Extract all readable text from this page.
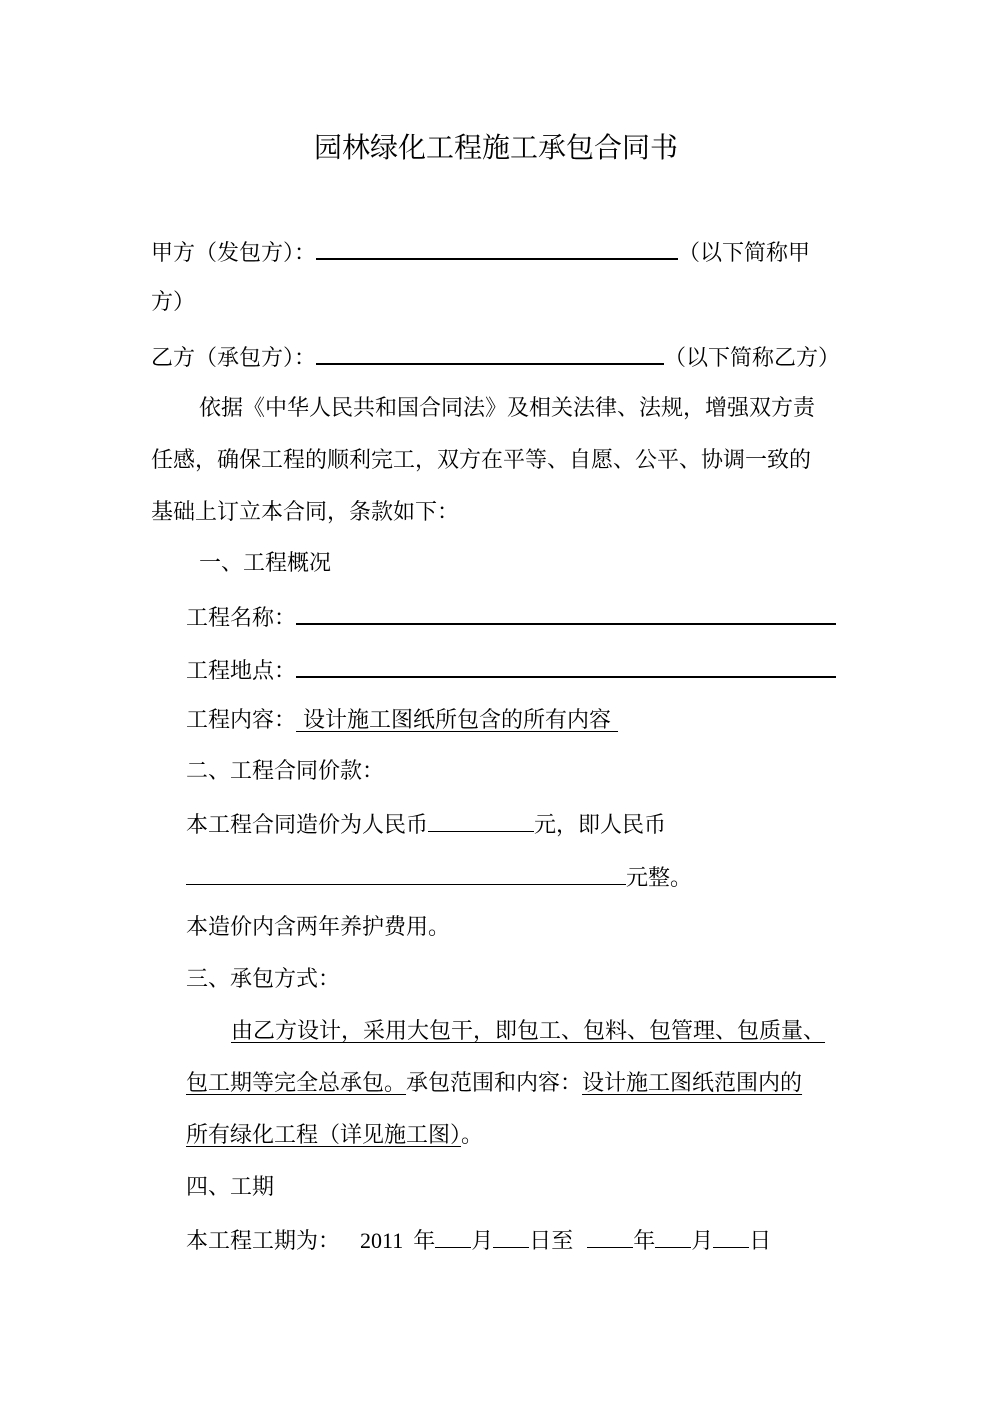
园林绿化工程施工承包合同书
甲方（发包方）：	（以下简称甲
方）
乙方（承包方）：	（以下简称乙方）
依据《中华人民共和国合同法》及相关法律、法规，增强双方责
任感，确保工程的顺利完工，双方在平等、自愿、公平、协调一致的
基础上订立本合同，条款如下：
一、工程概况
工程名称：
工程地点：
工程内容： 设计施工图纸所包含的所有内容
二、工程合同价款：
本工程合同造价为人民币	元，即人民币
元整。
本造价内含两年养护费用。
三、承包方式：
由乙方设计，采用大包干，即包工、包料、包管理、包质量、
包工期等完全总承包。承包范围和内容：设计施工图纸范围内的
所有绿化工程（详见施工图）。
四、工期
本工程工期为： 2011 年 月 日至	年 月 日
